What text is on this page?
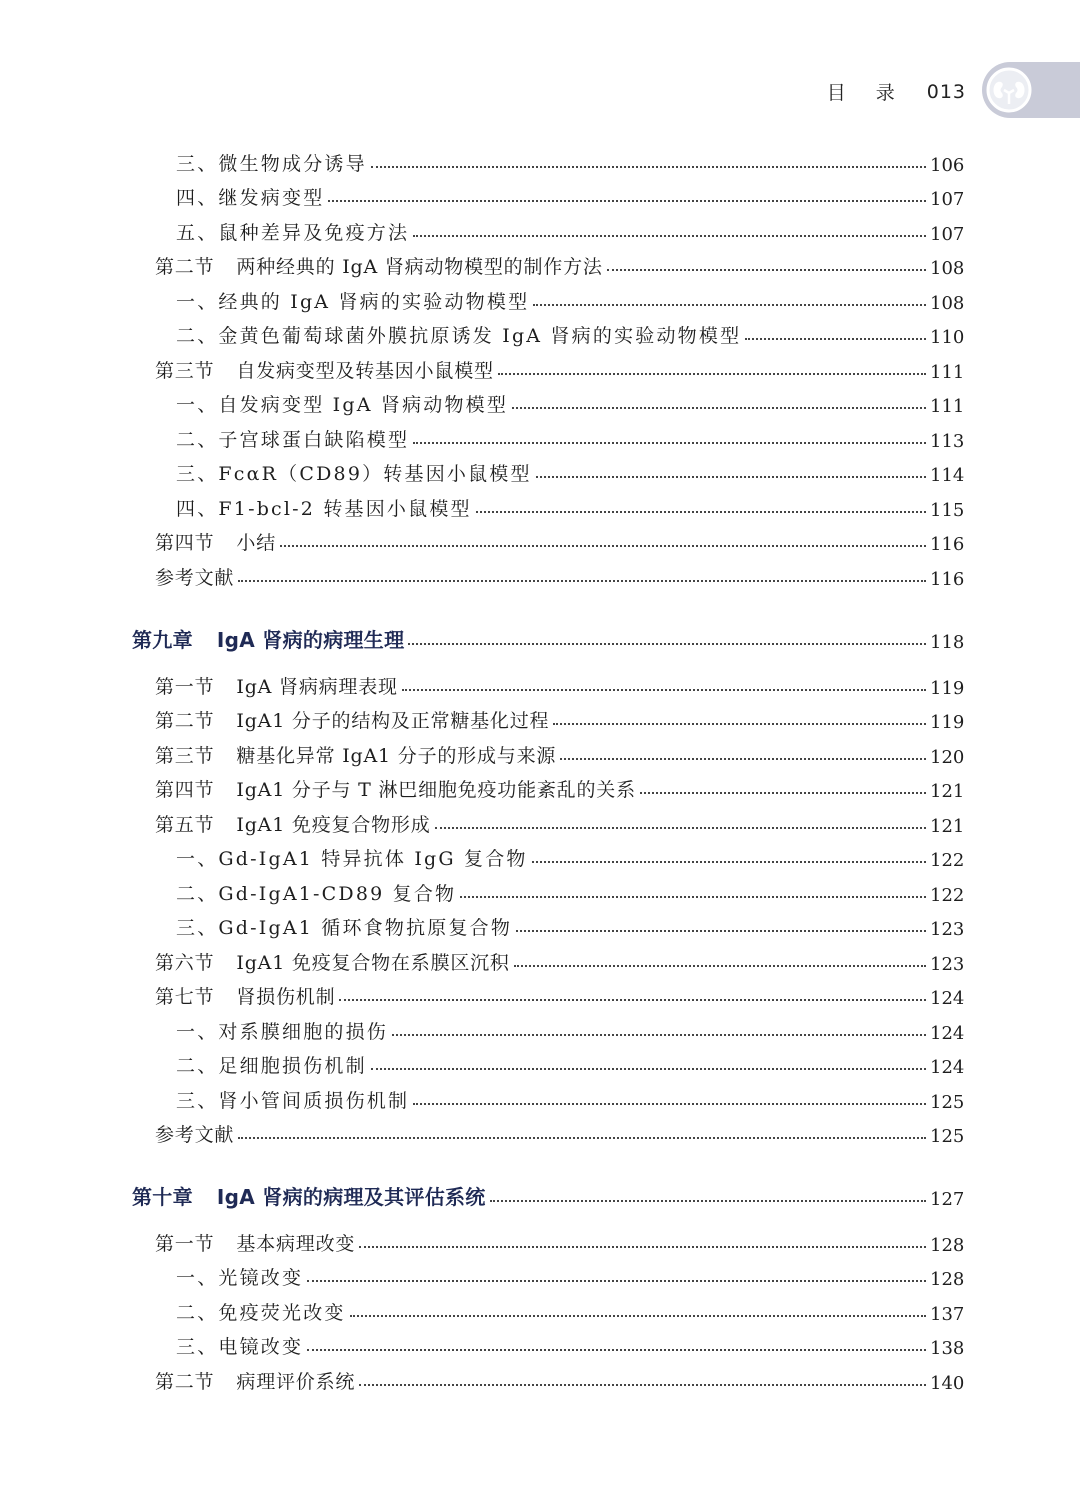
目录 013
三、微生物成分诱导	106
四、继发病变型	107
五、鼠种差异及免疫方法	107
第二节 两种经典的 IgA 肾病动物模型的制作方法	108
一、经典的 IgA 肾病的实验动物模型	108
二、金黄色葡萄球菌外膜抗原诱发 IgA 肾病的实验动物模型	110
第三节 自发病变型及转基因小鼠模型	111
一、自发病变型 IgA 肾病动物模型	111
二、子宫球蛋白缺陷模型	113
三、FcαR（CD89）转基因小鼠模型	114
四、F1-bcl-2 转基因小鼠模型	115
第四节 小结	116
参考文献	116
第九章 IgA 肾病的病理生理	118
第一节 IgA 肾病病理表现	119
第二节 IgA1 分子的结构及正常糖基化过程	119
第三节 糖基化异常 IgA1 分子的形成与来源	120
第四节 IgA1 分子与 T 淋巴细胞免疫功能紊乱的关系	121
第五节 IgA1 免疫复合物形成	121
一、Gd-IgA1 特异抗体 IgG 复合物	122
二、Gd-IgA1-CD89 复合物	122
三、Gd-IgA1 循环食物抗原复合物	123
第六节 IgA1 免疫复合物在系膜区沉积	123
第七节 肾损伤机制	124
一、对系膜细胞的损伤	124
二、足细胞损伤机制	124
三、肾小管间质损伤机制	125
参考文献	125
第十章 IgA 肾病的病理及其评估系统	127
第一节 基本病理改变	128
一、光镜改变	128
二、免疫荧光改变	137
三、电镜改变	138
第二节 病理评价系统	140
